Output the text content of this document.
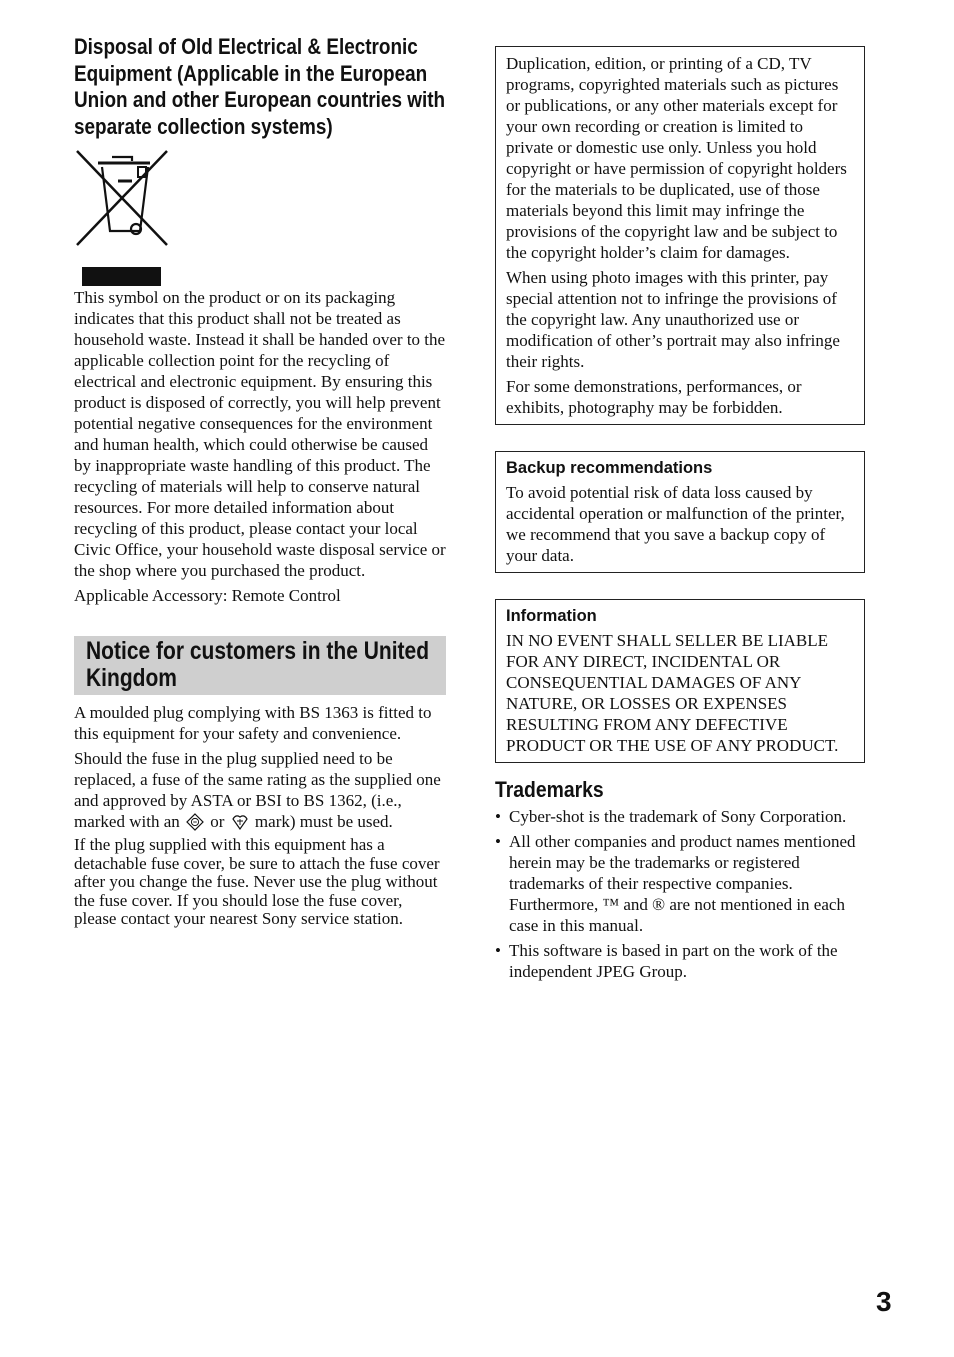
Disposal of Old Electrical & Electronic Equipment (Applicable in the European Union and other European countries with separate collection systems)

This symbol on the product or on its packaging indicates that this product shall not be treated as household waste. Instead it shall be handed over to the applicable collection point for the recycling of electrical and electronic equipment. By ensuring this product is disposed of correctly, you will help prevent potential negative consequences for the environment and human health, which could otherwise be caused by inappropriate waste handling of this product. The recycling of materials will help to conserve natural resources. For more detailed information about recycling of this product, please contact your local Civic Office, your household waste disposal service or the shop where you purchased the product.

Applicable Accessory: Remote Control

Notice for customers in the United Kingdom

A moulded plug complying with BS 1363 is fitted to this equipment for your safety and convenience.

Should the fuse in the plug supplied need to be replaced, a fuse of the same rating as the supplied one and approved by ASTA or BSI to BS 1362, (i.e., marked with an or mark) must be used.

If the plug supplied with this equipment has a detachable fuse cover, be sure to attach the fuse cover after you change the fuse. Never use the plug without the fuse cover. If you should lose the fuse cover, please contact your nearest Sony service station.

Duplication, edition, or printing of a CD, TV programs, copyrighted materials such as pictures or publications, or any other materials except for your own recording or creation is limited to private or domestic use only. Unless you hold copyright or have permission of copyright holders for the materials to be duplicated, use of those materials beyond this limit may infringe the provisions of the copyright law and be subject to the copyright holder’s claim for damages.

When using photo images with this printer, pay special attention not to infringe the provisions of the copyright law. Any unauthorized use or modification of other’s portrait may also infringe their rights.

For some demonstrations, performances, or exhibits, photography may be forbidden.

Backup recommendations

To avoid potential risk of data loss caused by accidental operation or malfunction of the printer, we recommend that you save a backup copy of your data.

Information

IN NO EVENT SHALL SELLER BE LIABLE FOR ANY DIRECT, INCIDENTAL OR CONSEQUENTIAL DAMAGES OF ANY NATURE, OR LOSSES OR EXPENSES RESULTING FROM ANY DEFECTIVE PRODUCT OR THE USE OF ANY PRODUCT.

Trademarks
• Cyber-shot is the trademark of Sony Corporation.
• All other companies and product names mentioned herein may be the trademarks or registered trademarks of their respective companies. Furthermore, ™ and ® are not mentioned in each case in this manual.
• This software is based in part on the work of the independent JPEG Group.
3
